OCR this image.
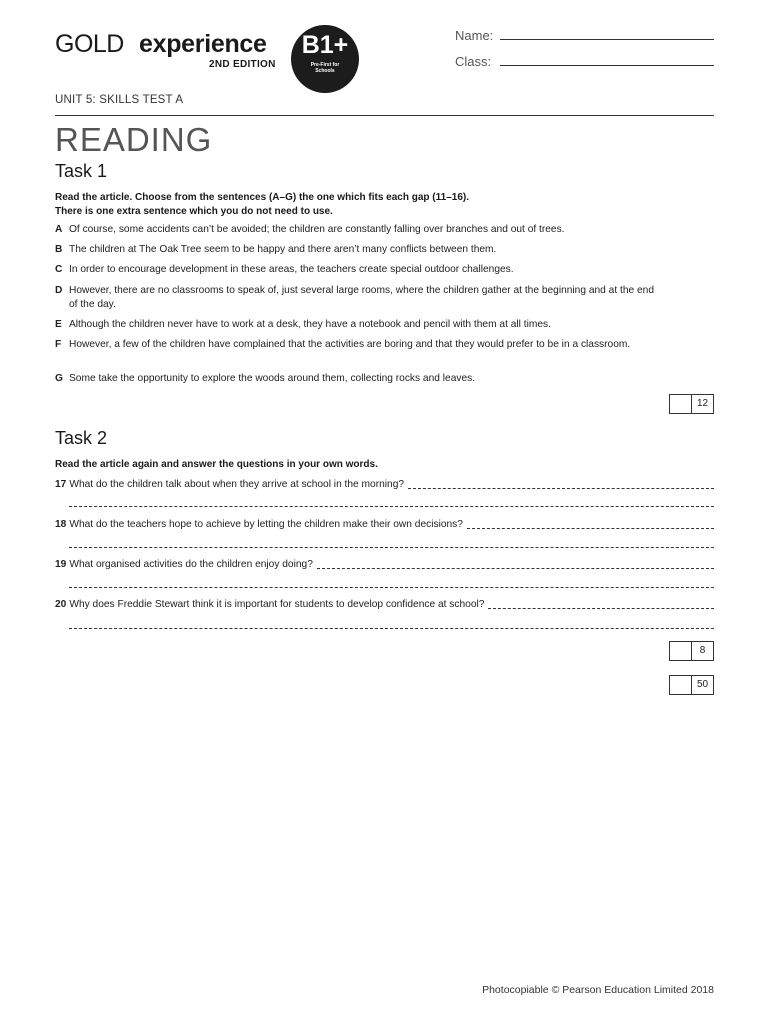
GOLD experience
2ND EDITION
B1+
Pre-First for Schools
Name:
Class:
UNIT 5: SKILLS TEST A
READING
Task 1
Read the article. Choose from the sentences (A–G) the one which fits each gap (11–16).
There is one extra sentence which you do not need to use.
A Of course, some accidents can’t be avoided; the children are constantly falling over branches and out of trees.
B The children at The Oak Tree seem to be happy and there aren’t many conflicts between them.
C In order to encourage development in these areas, the teachers create special outdoor challenges.
D However, there are no classrooms to speak of, just several large rooms, where the children gather at the beginning and at the end of the day.
E Although the children never have to work at a desk, they have a notebook and pencil with them at all times.
F However, a few of the children have complained that the activities are boring and that they would prefer to be in a classroom.
G Some take the opportunity to explore the woods around them, collecting rocks and leaves.
12
Task 2
Read the article again and answer the questions in your own words.
17 What do the children talk about when they arrive at school in the morning?
18 What do the teachers hope to achieve by letting the children make their own decisions?
19 What organised activities do the children enjoy doing?
20 Why does Freddie Stewart think it is important for students to develop confidence at school?
8
50
Photocopiable © Pearson Education Limited 2018
